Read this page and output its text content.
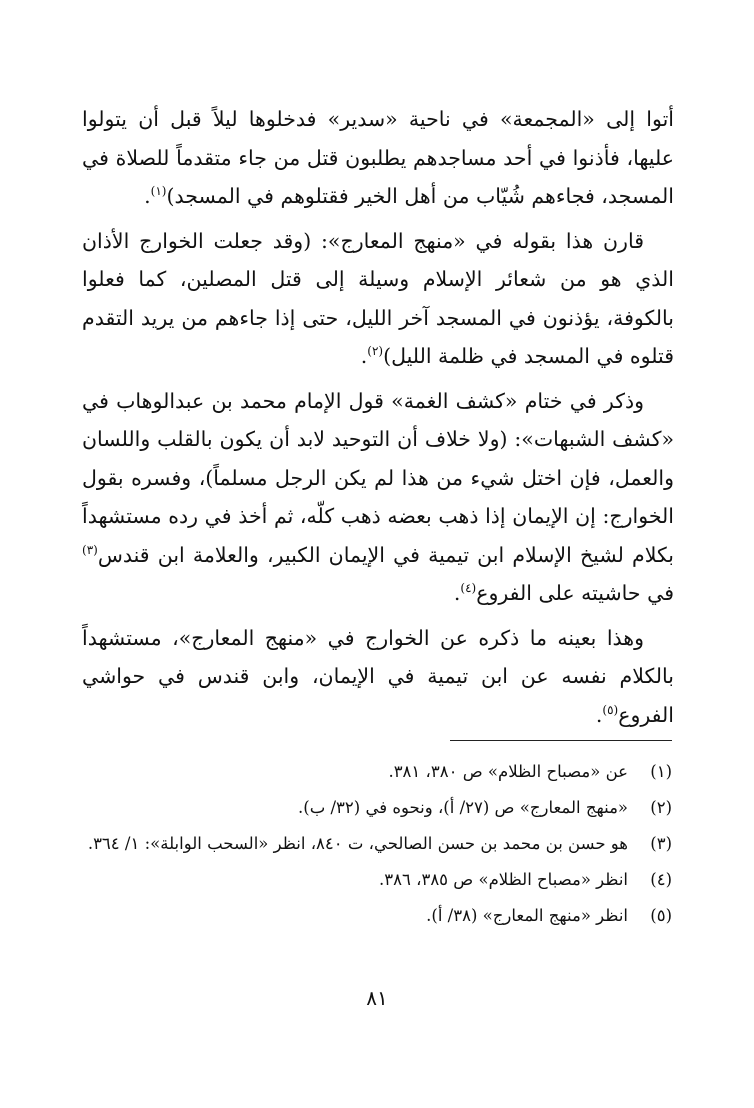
أتوا إلى «المجمعة» في ناحية «سدير» فدخلوها ليلاً قبل أن يتولوا عليها، فأذنوا في أحد مساجدهم يطلبون قتل من جاء متقدماً للصلاة في المسجد، فجاءهم شُيّاب من أهل الخير فقتلوهم في المسجد)$^{(١)}$.

قارن هذا بقوله في «منهج المعارج»: (وقد جعلت الخوارج الأذان الذي هو من شعائر الإسلام وسيلة إلى قتل المصلين، كما فعلوا بالكوفة، يؤذنون في المسجد آخر الليل، حتى إذا جاءهم من يريد التقدم قتلوه في المسجد في ظلمة الليل)$^{(٢)}$.

وذكر في ختام «كشف الغمة» قول الإمام محمد بن عبدالوهاب في «كشف الشبهات»: (ولا خلاف أن التوحيد لابد أن يكون بالقلب واللسان والعمل، فإن اختل شيء من هذا لم يكن الرجل مسلماً)، وفسره بقول الخوارج: إن الإيمان إذا ذهب بعضه ذهب كلّه، ثم أخذ في رده مستشهداً بكلام لشيخ الإسلام ابن تيمية في الإيمان الكبير، والعلامة ابن قندس$^{(٣)}$ في حاشيته على الفروع$^{(٤)}$.

وهذا بعينه ما ذكره عن الخوارج في «منهج المعارج»، مستشهداً بالكلام نفسه عن ابن تيمية في الإيمان، وابن قندس في حواشي الفروع$^{(٥)}$.

(١)
عن «مصباح الظلام» ص ٣٨٠، ٣٨١.
(٢)
«منهج المعارج» ص (٢٧/ أ)، ونحوه في (٣٢/ ب).
(٣)
هو حسن بن محمد بن حسن الصالحي، ت ٨٤٠، انظر «السحب الوابلة»: ١/ ٣٦٤.
(٤)
انظر «مصباح الظلام» ص ٣٨٥، ٣٨٦.
(٥)
انظر «منهج المعارج» (٣٨/ أ).
٨١
